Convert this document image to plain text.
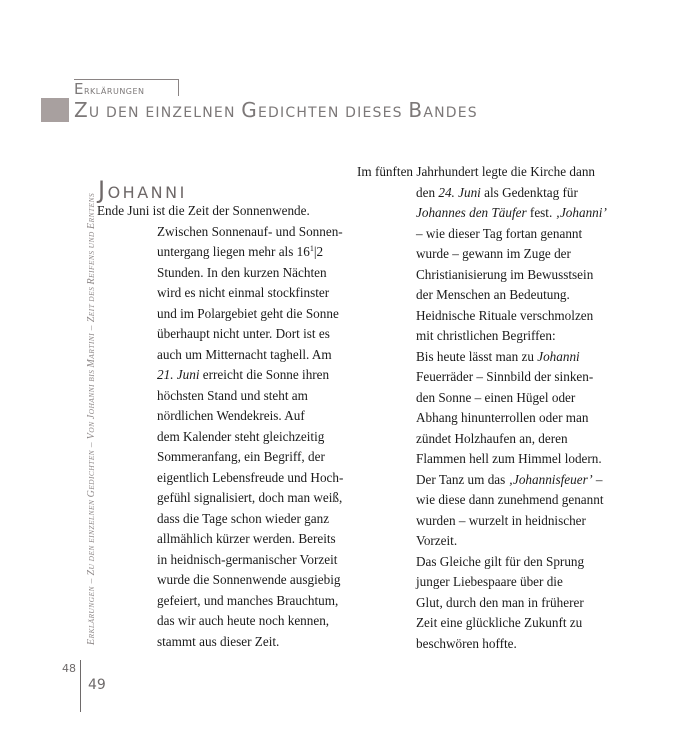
Erklärungen
ZU DEN EINZELNEN GEDICHTEN DIESES BANDES
ERKLÄRUNGEN – ZU DEN EINZELNEN GEDICHTEN – VON JOHANNI BIS MARTINI – ZEIT DES REIFENS UND ERNTENS
48
49
JOHANNI
Ende Juni ist die Zeit der Sonnenwende.
Zwischen Sonnenauf- und Sonnen-
untergang liegen mehr als $16^1|2$
Stunden. In den kurzen Nächten
wird es nicht einmal stockfinster
und im Polargebiet geht die Sonne
überhaupt nicht unter. Dort ist es
auch um Mitternacht taghell. Am
21. Juni erreicht die Sonne ihren
höchsten Stand und steht am
nördlichen Wendekreis. Auf
dem Kalender steht gleichzeitig
Sommeranfang, ein Begriff, der
eigentlich Lebensfreude und Hoch-
gefühl signalisiert, doch man weiß,
dass die Tage schon wieder ganz
allmählich kürzer werden. Bereits
in heidnisch-germanischer Vorzeit
wurde die Sonnenwende ausgiebig
gefeiert, und manches Brauchtum,
das wir auch heute noch kennen,
stammt aus dieser Zeit.
Im fünften Jahrhundert legte die Kirche dann
den 24. Juni als Gedenktag für
Johannes den Täufer fest. ‚Johanni’
– wie dieser Tag fortan genannt
wurde – gewann im Zuge der
Christianisierung im Bewusstsein
der Menschen an Bedeutung.
Heidnische Rituale verschmolzen
mit christlichen Begriffen:
Bis heute lässt man zu Johanni
Feuerräder – Sinnbild der sinken-
den Sonne – einen Hügel oder
Abhang hinunterrollen oder man
zündet Holzhaufen an, deren
Flammen hell zum Himmel lodern.
Der Tanz um das ‚Johannisfeuer’ –
wie diese dann zunehmend genannt
wurden – wurzelt in heidnischer
Vorzeit.
Das Gleiche gilt für den Sprung
junger Liebespaare über die
Glut, durch den man in früherer
Zeit eine glückliche Zukunft zu
beschwören hoffte.
